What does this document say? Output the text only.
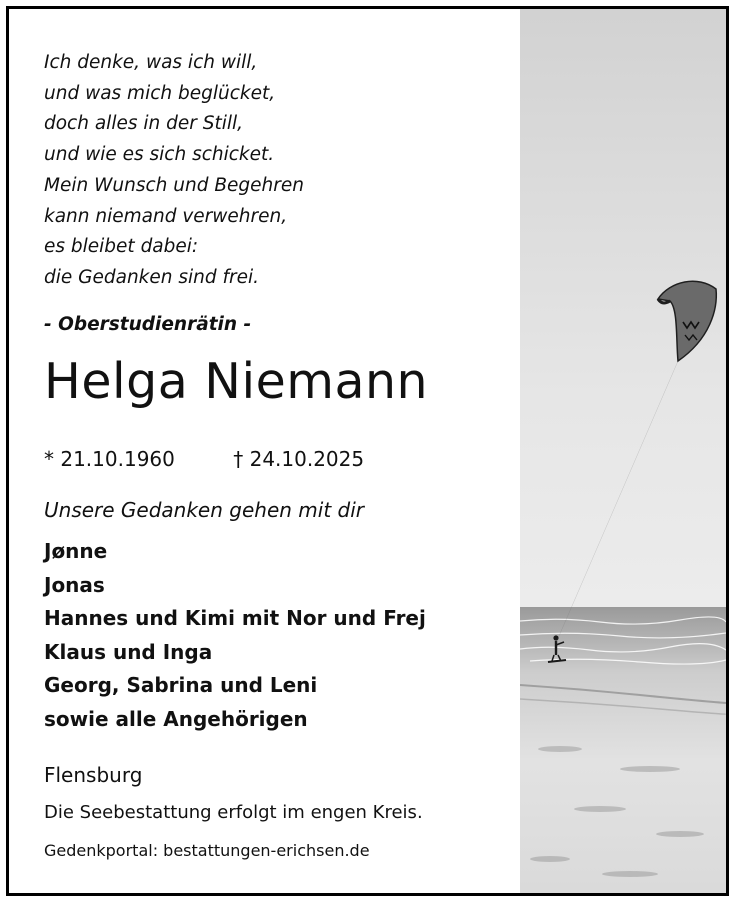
Ich denke, was ich will,
und was mich beglücket,
doch alles in der Still,
und wie es sich schicket.
Mein Wunsch und Begehren
kann niemand verwehren,
es bleibet dabei:
die Gedanken sind frei.
- Oberstudienrätin -
Helga Niemann
* 21.10.1960	† 24.10.2025
Unsere Gedanken gehen mit dir
Jønne
Jonas
Hannes und Kimi mit Nor und Frej
Klaus und Inga
Georg, Sabrina und Leni
sowie alle Angehörigen
Flensburg
Die Seebestattung erfolgt im engen Kreis.
Gedenkportal: bestattungen-erichsen.de
